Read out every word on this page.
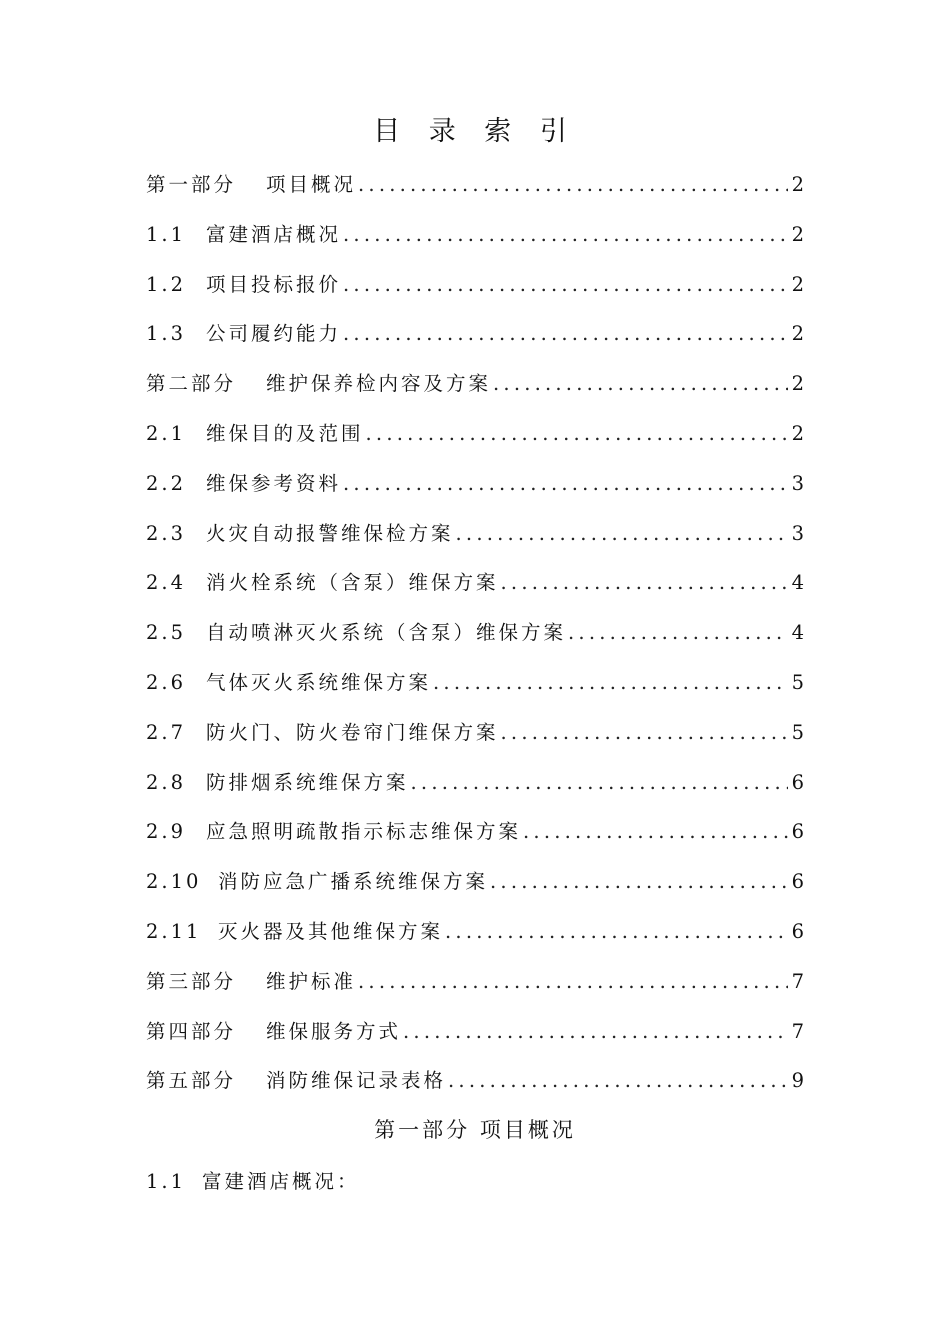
目 录 索 引
第一部分	项目概况 .....	2
1.1	富建酒店概况 .....	2
1.2	项目投标报价 .....	2
1.3	公司履约能力 .....	2
第二部分	维护保养检内容及方案 .....	2
2.1	维保目的及范围 .....	2
2.2	维保参考资料 .....	3
2.3	火灾自动报警维保检方案 .....	3
2.4	消火栓系统（含泵）维保方案 .....	4
2.5	自动喷淋灭火系统（含泵）维保方案 .....	4
2.6	气体灭火系统维保方案 .....	5
2.7	防火门、防火卷帘门维保方案 .....	5
2.8	防排烟系统维保方案 .....	6
2.9	应急照明疏散指示标志维保方案 .....	6
2.10 消防应急广播系统维保方案 .....	6
2.11 灭火器及其他维保方案 .....	6
第三部分	维护标准 .....	7
第四部分	维保服务方式 .....	7
第五部分	消防维保记录表格 .....	9
第一部分 项目概况
1.1 富建酒店概况：
